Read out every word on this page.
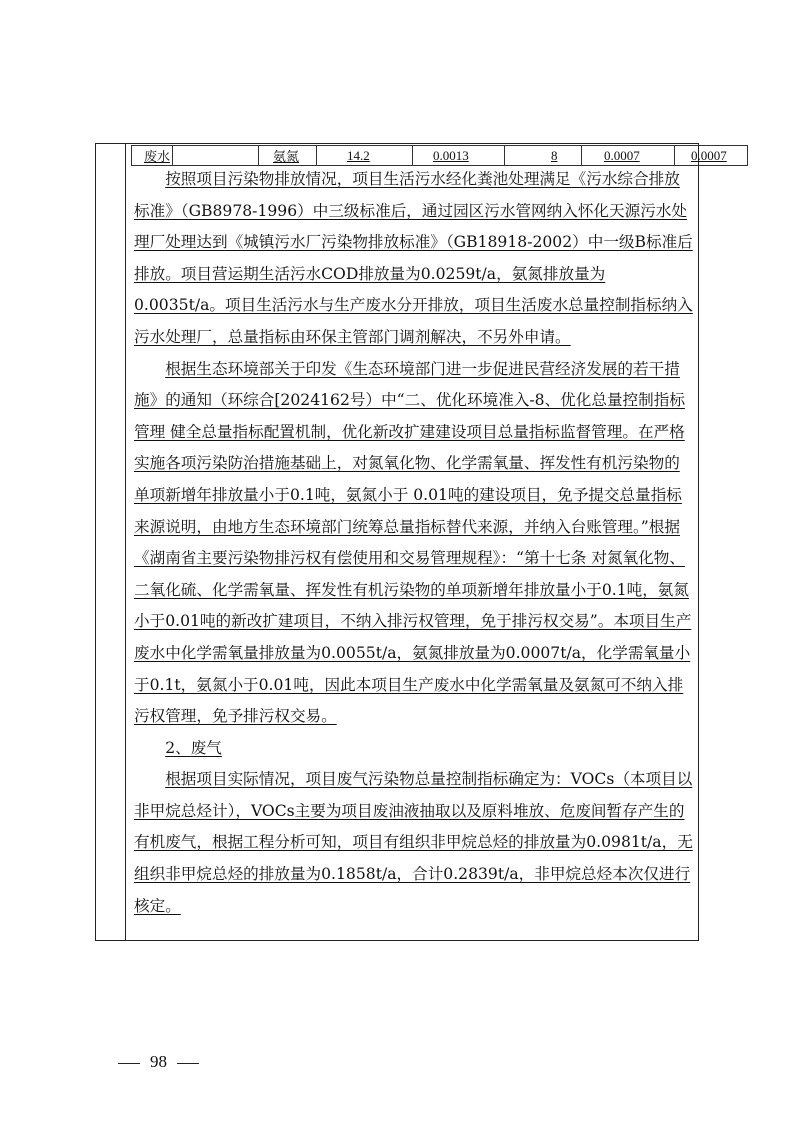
废水		氨氮	14.2	0.0013	8	0.0007	0.0007

按照项目污染物排放情况，项目生活污水经化粪池处理满足《污水综合排放标准》（GB8978-1996）中三级标准后，通过园区污水管网纳入怀化天源污水处理厂处理达到《城镇污水厂污染物排放标准》（GB18918-2002）中一级B标准后排放。项目营运期生活污水COD排放量为0.0259t/a，氨氮排放量为0.0035t/a。项目生活污水与生产废水分开排放，项目生活废水总量控制指标纳入污水处理厂，总量指标由环保主管部门调剂解决，不另外申请。

根据生态环境部关于印发《生态环境部门进一步促进民营经济发展的若干措施》的通知（环综合[2024162号）中“二、优化环境准入-8、优化总量控制指标管理 健全总量指标配置机制，优化新改扩建建设项目总量指标监督管理。在严格实施各项污染防治措施基础上，对氮氧化物、化学需氧量、挥发性有机污染物的单项新增年排放量小于0.1吨，氨氮小于 0.01吨的建设项目，免予提交总量指标来源说明，由地方生态环境部门统筹总量指标替代来源，并纳入台账管理。”根据《湖南省主要污染物排污权有偿使用和交易管理规程》：“第十七条 对氮氧化物、二氧化硫、化学需氧量、挥发性有机污染物的单项新增年排放量小于0.1吨，氨氮小于0.01吨的新改扩建项目，不纳入排污权管理，免于排污权交易”。本项目生产废水中化学需氧量排放量为0.0055t/a，氨氮排放量为0.0007t/a，化学需氧量小于0.1t，氨氮小于0.01吨，因此本项目生产废水中化学需氧量及氨氮可不纳入排污权管理，免予排污权交易。

2、废气

根据项目实际情况，项目废气污染物总量控制指标确定为：VOCs（本项目以非甲烷总烃计），VOCs主要为项目废油液抽取以及原料堆放、危废间暂存产生的有机废气，根据工程分析可知，项目有组织非甲烷总烃的排放量为0.0981t/a，无组织非甲烷总烃的排放量为0.1858t/a，合计0.2839t/a，非甲烷总烃本次仅进行核定。

98
